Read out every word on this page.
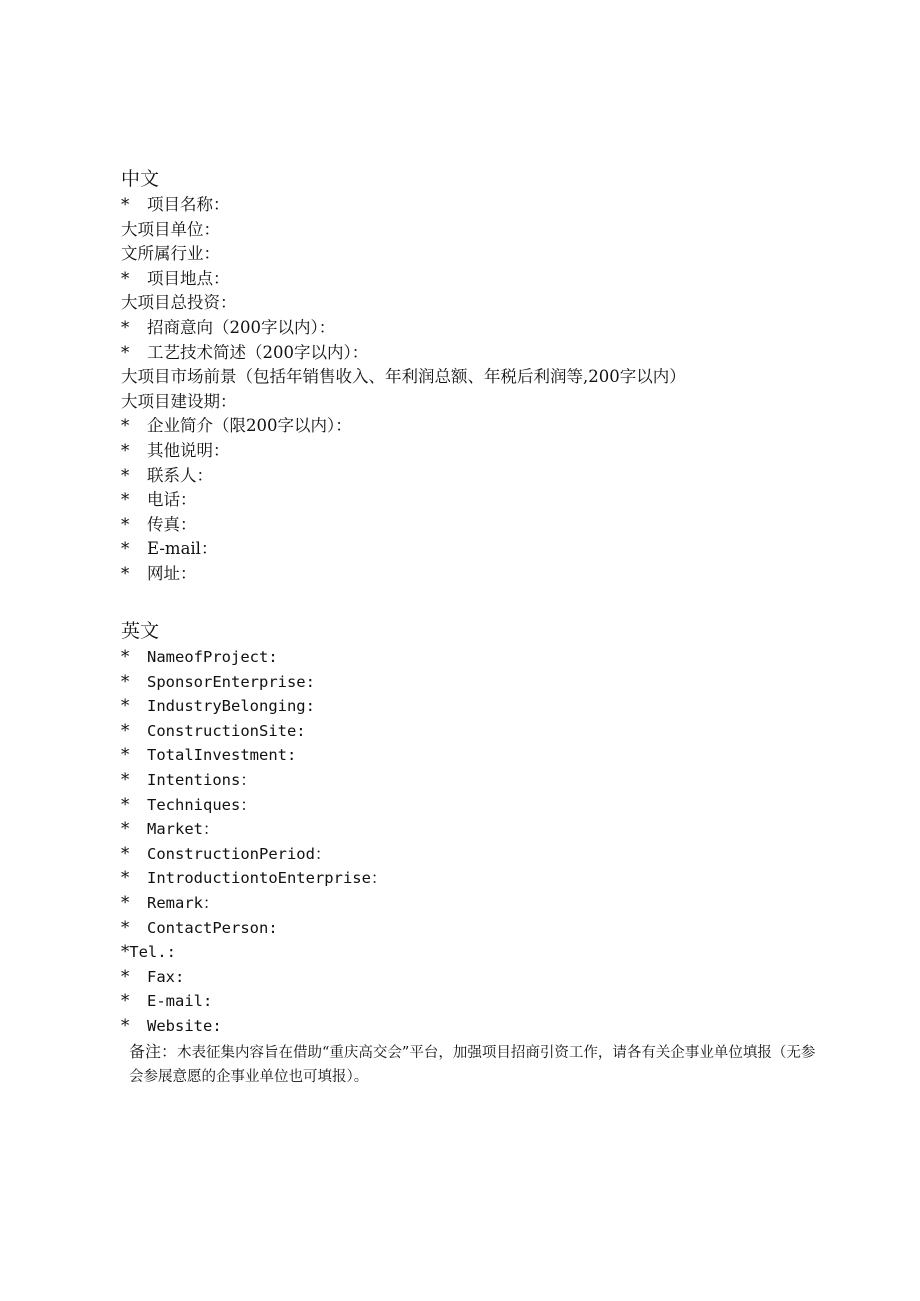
中文
* 项目名称：
大项目单位：
文所属行业：
* 项目地点：
大项目总投资：
* 招商意向（200字以内）：
* 工艺技术简述（200字以内）：
大项目市场前景（包括年销售收入、年利润总额、年税后利润等,200字以内）
大项目建设期：
* 企业简介（限200字以内）：
* 其他说明：
* 联系人：
* 电话：
* 传真：
* E-mail：
* 网址：
英文
* NameofProject:
* SponsorEnterprise:
* IndustryBelonging:
* ConstructionSite:
* TotalInvestment:
* Intentions：
* Techniques：
* Market：
* ConstructionPeriod：
* IntroductiontoEnterprise：
* Remark：
* ContactPerson:
*Tel.:
* Fax:
* E-mail:
* Website:

备注：木表征集内容旨在借助“重庆高交会”平台，加强项目招商引资工作，请各有关企事业单位填报（无参会参展意愿的企事业单位也可填报）。
